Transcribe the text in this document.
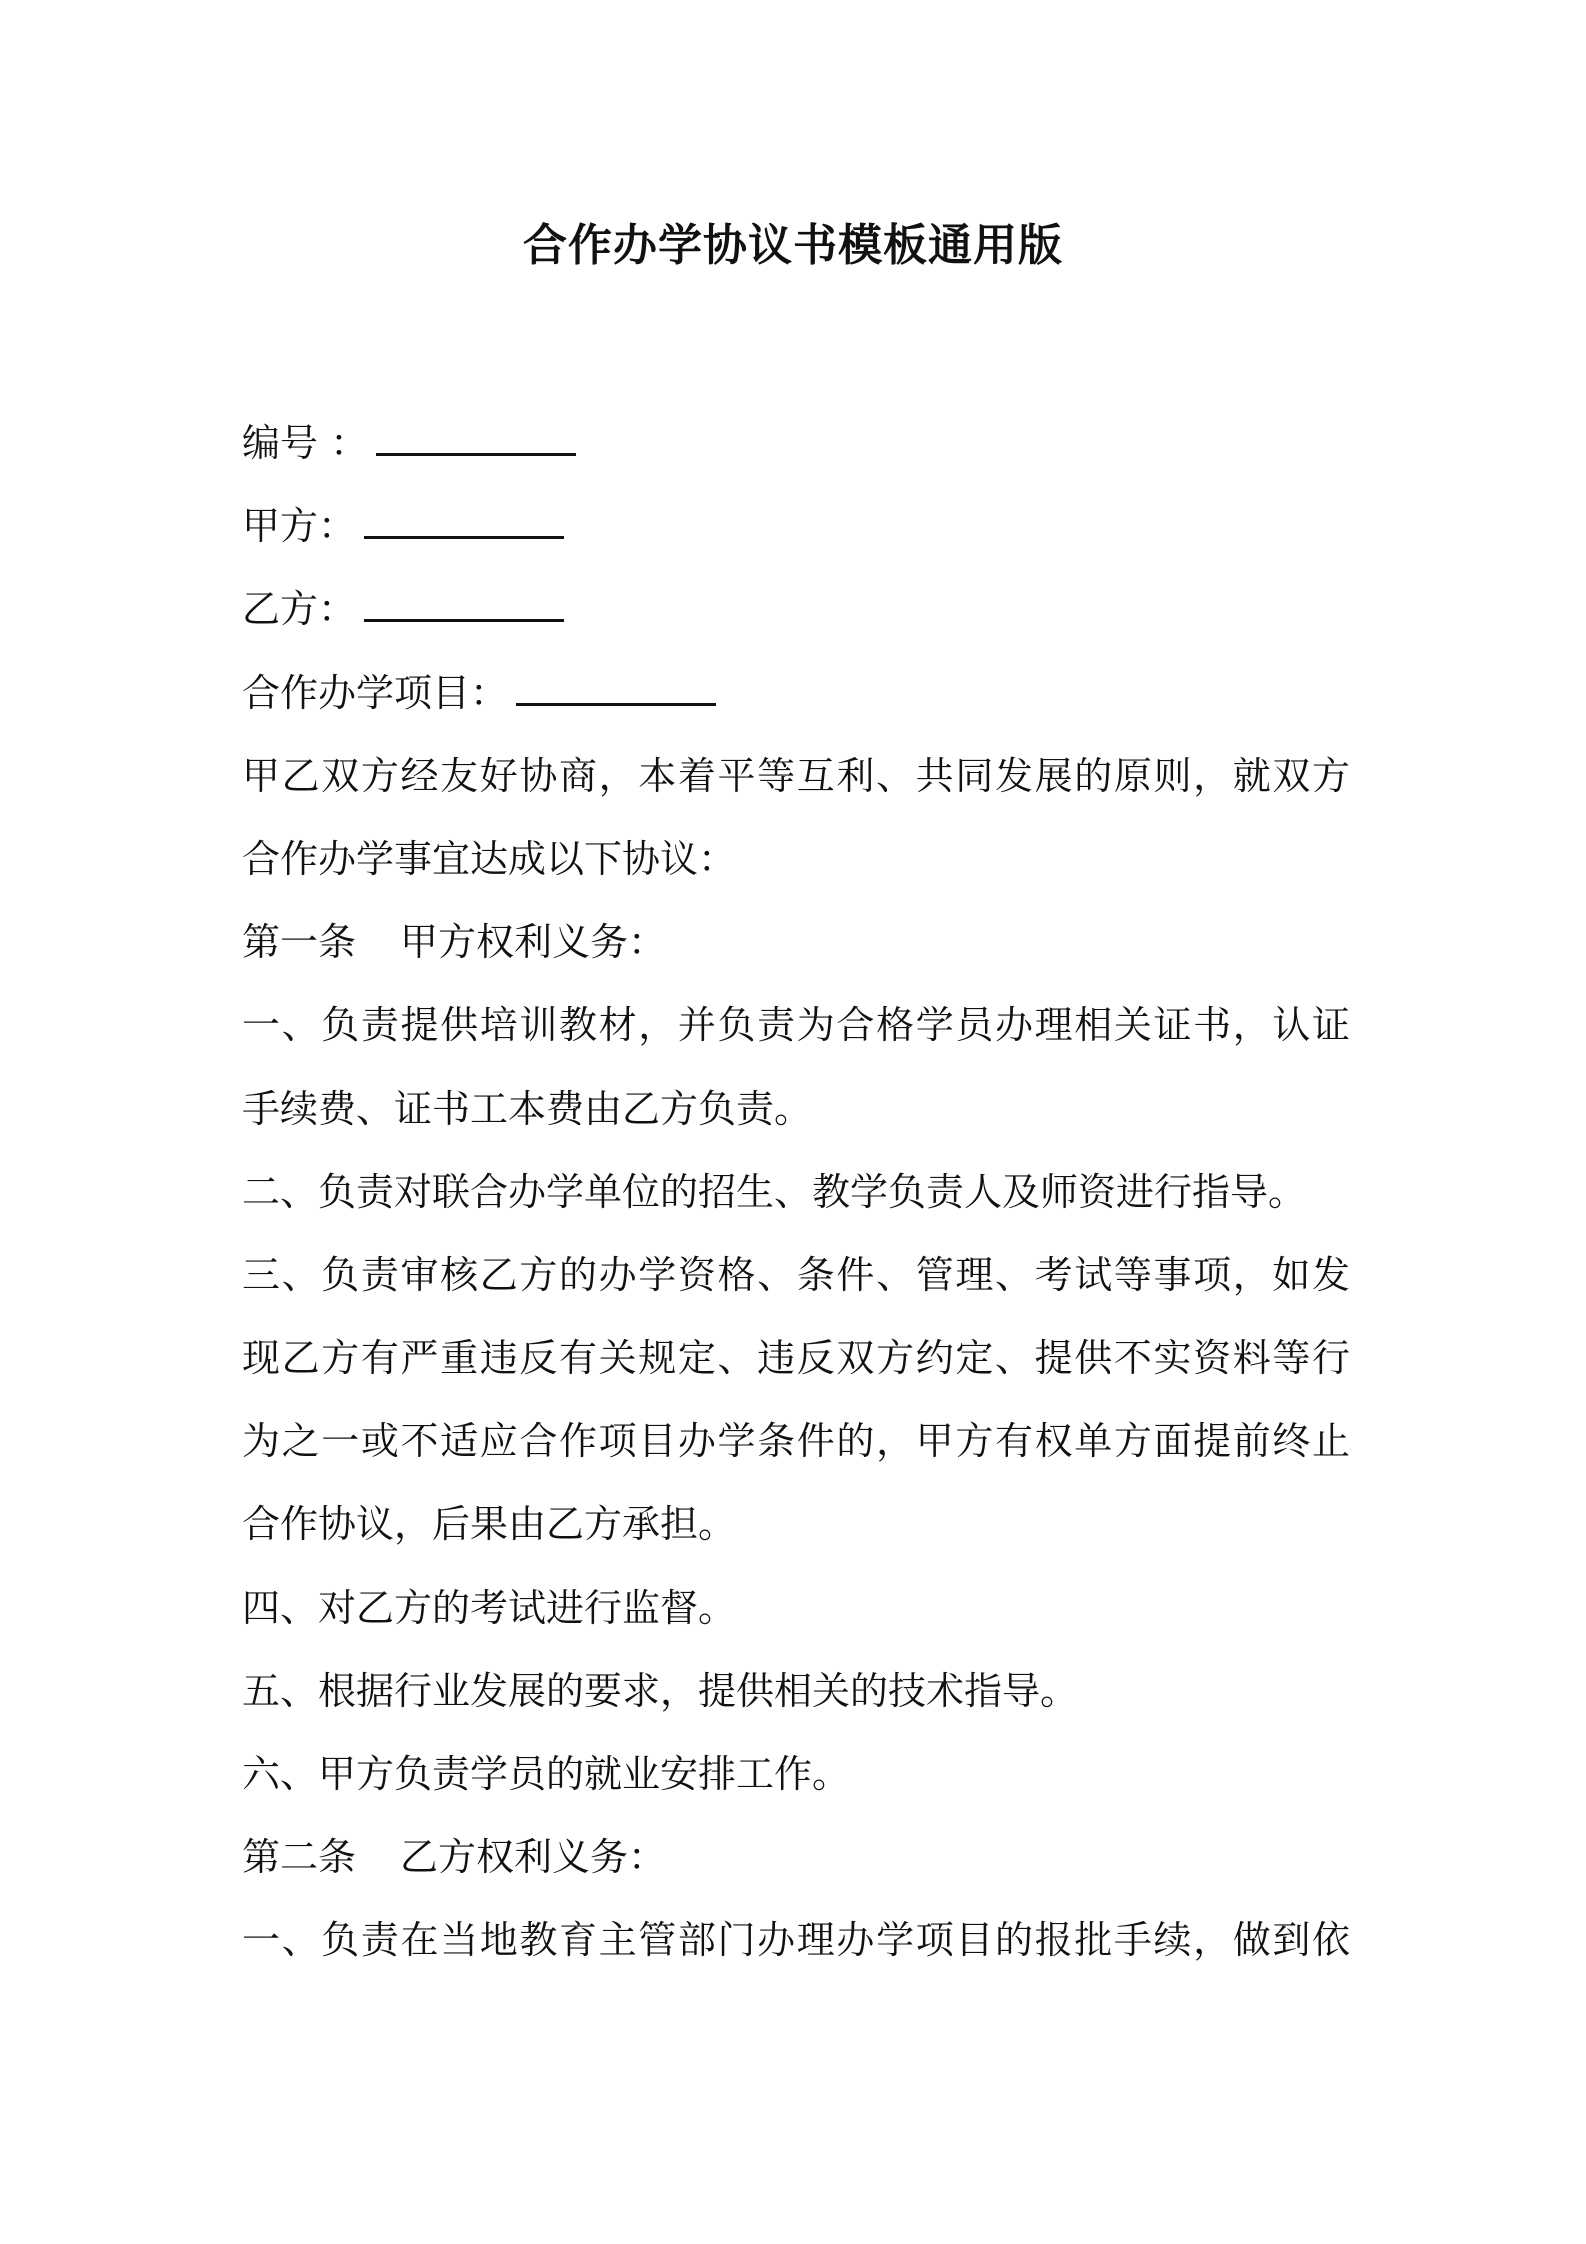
合作办学协议书模板通用版
编号 ：
甲方：
乙方：
合作办学项目：
甲乙双方经友好协商，本着平等互利、共同发展的原则，就双方
合作办学事宜达成以下协议：
第一条 甲方权利义务：
一、负责提供培训教材，并负责为合格学员办理相关证书，认证
手续费、证书工本费由乙方负责。
二、负责对联合办学单位的招生、教学负责人及师资进行指导。
三、负责审核乙方的办学资格、条件、管理、考试等事项，如发
现乙方有严重违反有关规定、违反双方约定、提供不实资料等行
为之一或不适应合作项目办学条件的，甲方有权单方面提前终止
合作协议，后果由乙方承担。
四、对乙方的考试进行监督。
五、根据行业发展的要求，提供相关的技术指导。
六、甲方负责学员的就业安排工作。
第二条 乙方权利义务：
一、负责在当地教育主管部门办理办学项目的报批手续，做到依
